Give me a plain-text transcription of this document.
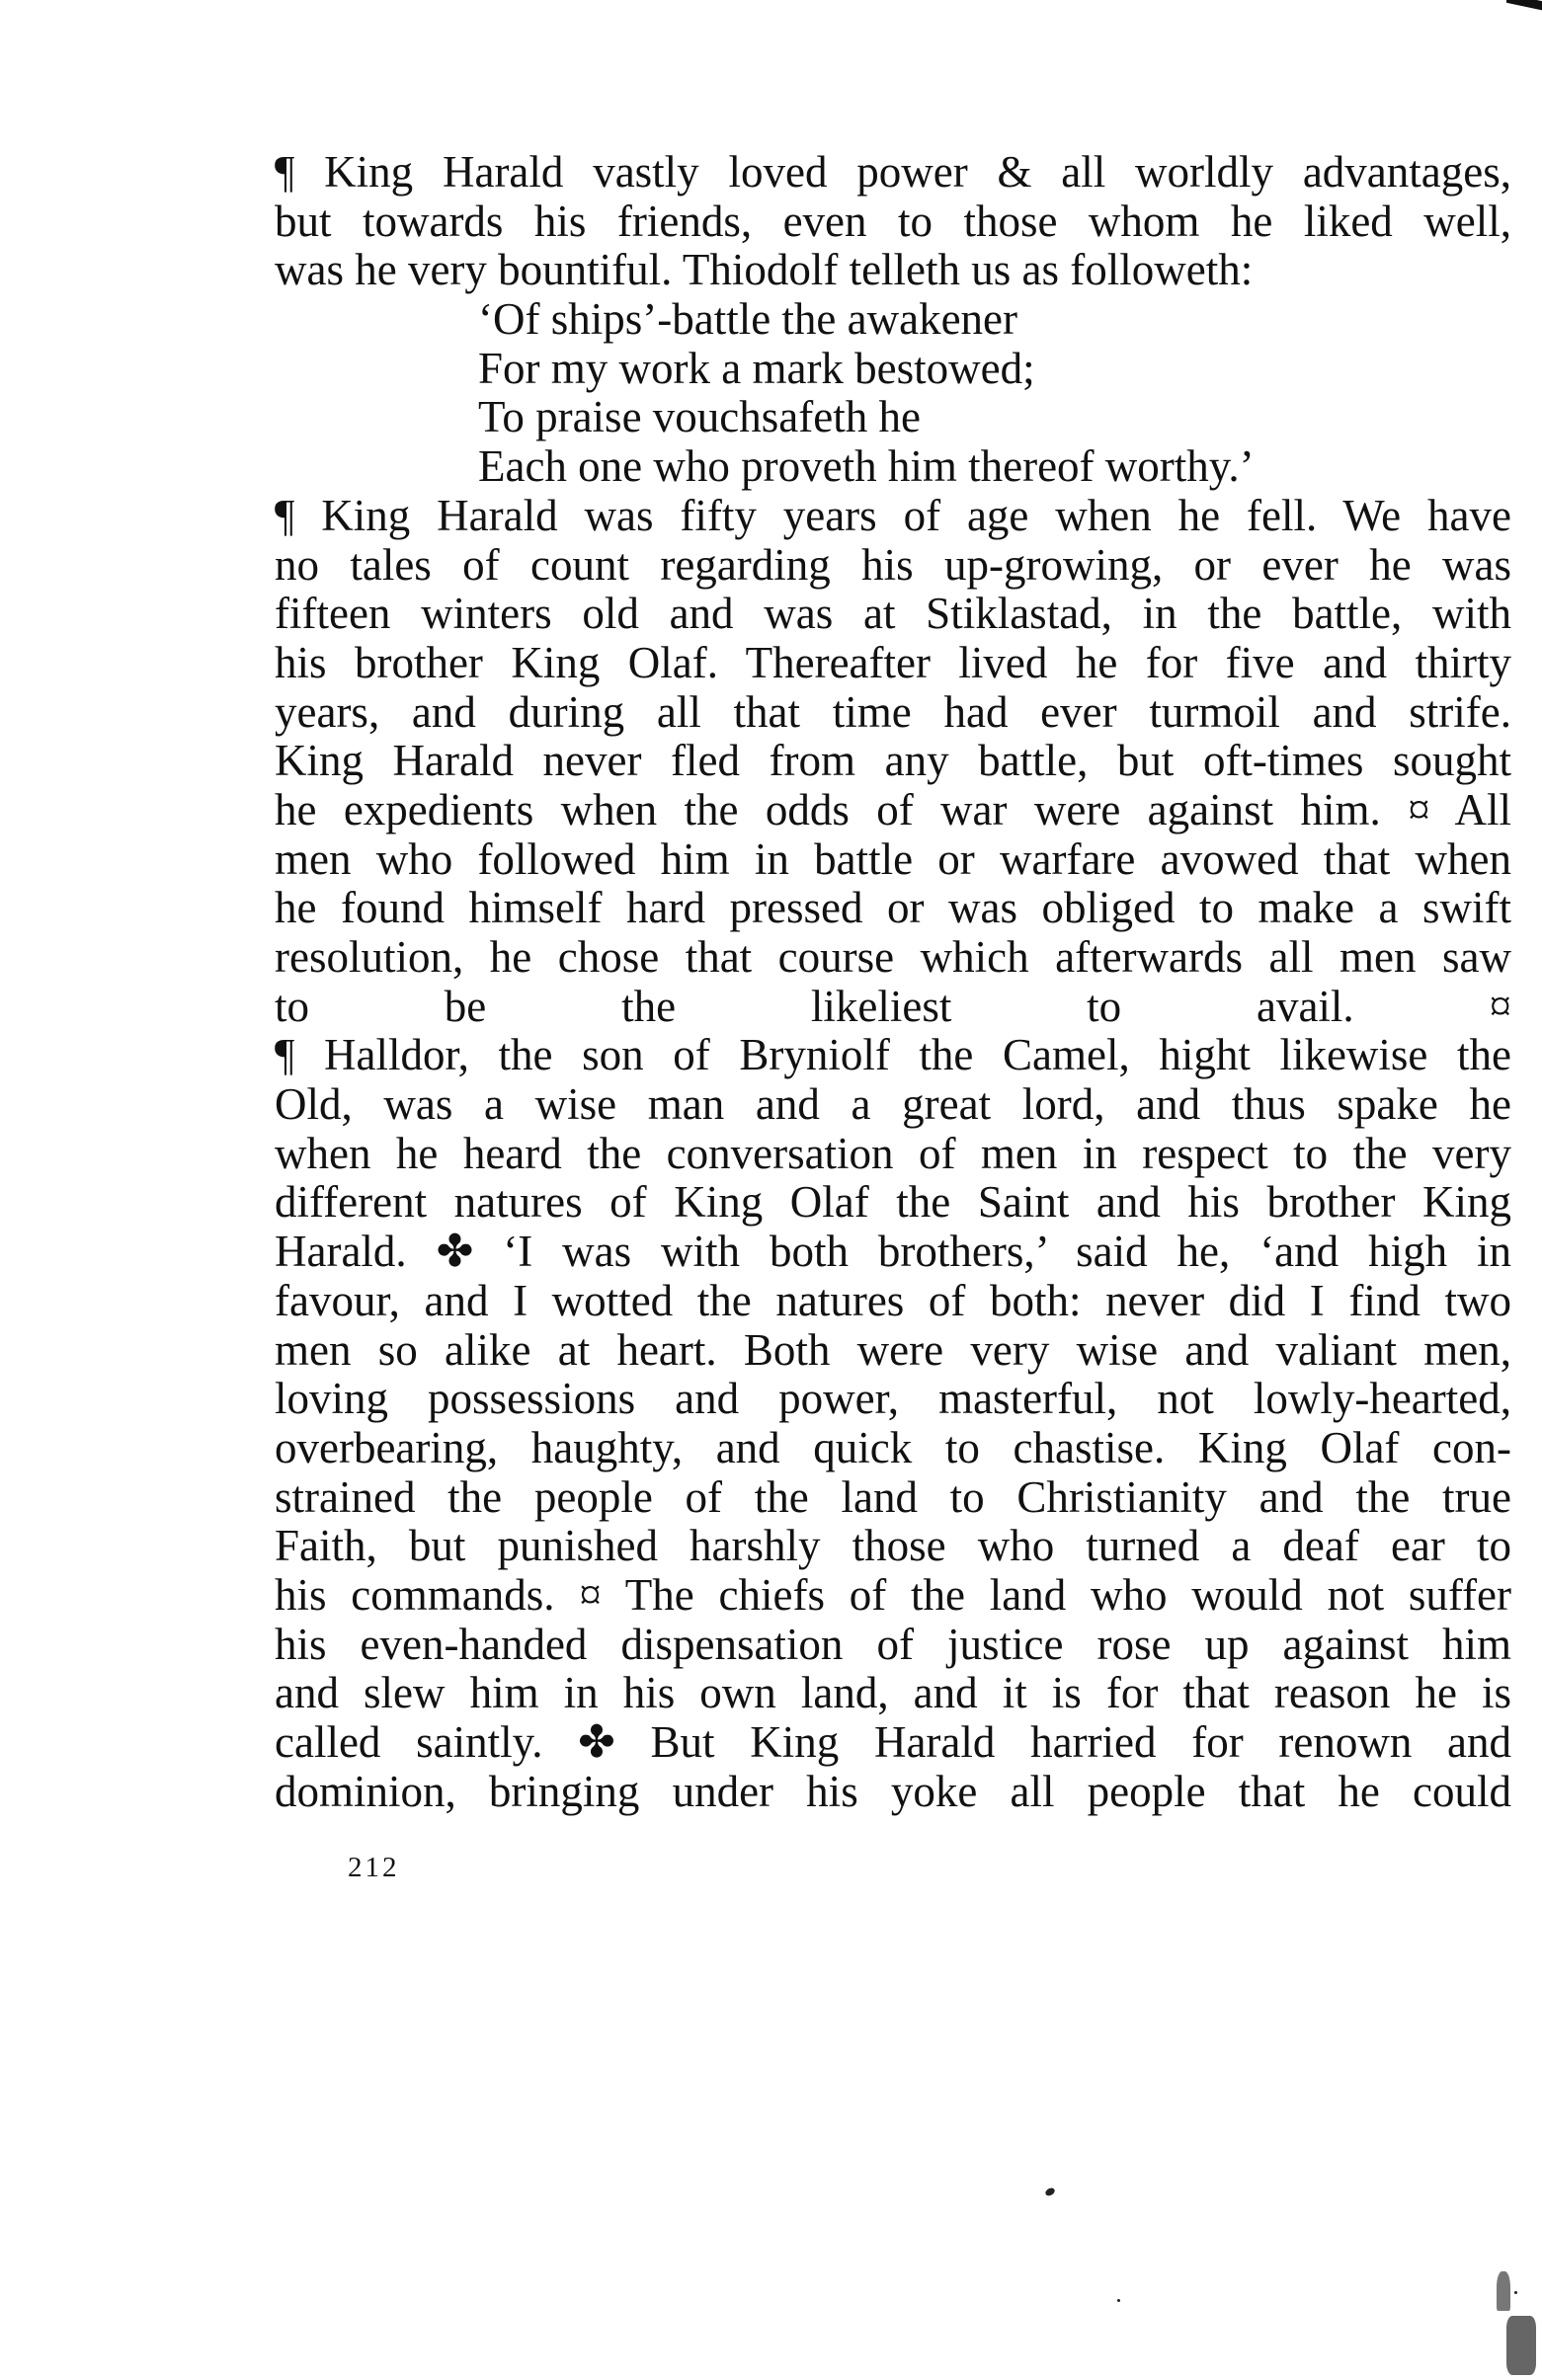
¶ King Harald vastly loved power & all worldly advantages,
but towards his friends, even to those whom he liked well,
was he very bountiful. Thiodolf telleth us as followeth:
‘Of ships’-battle the awakener
For my work a mark bestowed;
To praise vouchsafeth he
Each one who proveth him thereof worthy.’
¶ King Harald was fifty years of age when he fell. We have
no tales of count regarding his up-growing, or ever he was
fifteen winters old and was at Stiklastad, in the battle, with
his brother King Olaf. Thereafter lived he for five and thirty
years, and during all that time had ever turmoil and strife.
King Harald never fled from any battle, but oft-times sought
he expedients when the odds of war were against him. ¤ All
men who followed him in battle or warfare avowed that when
he found himself hard pressed or was obliged to make a swift
resolution, he chose that course which afterwards all men saw
to be the likeliest to avail.	¤
¶ Halldor, the son of Bryniolf the Camel, hight likewise the
Old, was a wise man and a great lord, and thus spake he
when he heard the conversation of men in respect to the very
different natures of King Olaf the Saint and his brother King
Harald. ✤ ‘I was with both brothers,’ said he, ‘and high in
favour, and I wotted the natures of both: never did I find two
men so alike at heart. Both were very wise and valiant men,
loving possessions and power, masterful, not lowly-hearted,
overbearing, haughty, and quick to chastise. King Olaf con-
strained the people of the land to Christianity and the true
Faith, but punished harshly those who turned a deaf ear to
his commands. ¤ The chiefs of the land who would not suffer
his even-handed dispensation of justice rose up against him
and slew him in his own land, and it is for that reason he is
called saintly. ✤ But King Harald harried for renown and
dominion, bringing under his yoke all people that he could
212
